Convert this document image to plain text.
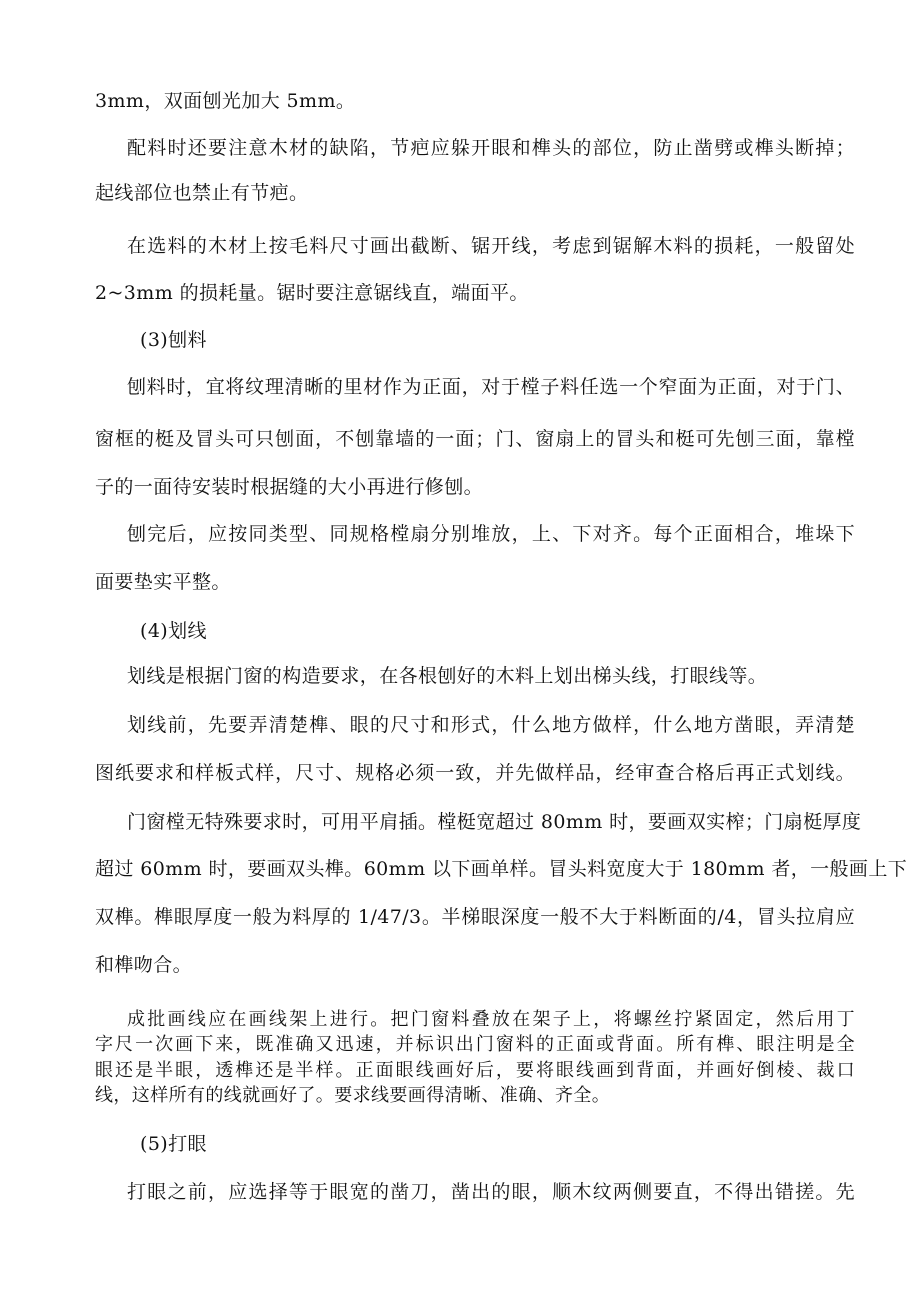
3mm，双面刨光加大 5mm。
配料时还要注意木材的缺陷，节疤应躲开眼和榫头的部位，防止凿劈或榫头断掉；
起线部位也禁止有节疤。
在选料的木材上按毛料尺寸画出截断、锯开线，考虑到锯解木料的损耗，一般留处
2~3mm 的损耗量。锯时要注意锯线直，端面平。
(3)刨料
刨料时，宜将纹理清晰的里材作为正面，对于樘子料任选一个窄面为正面，对于门、
窗框的梃及冒头可只刨面，不刨靠墙的一面；门、窗扇上的冒头和梃可先刨三面，靠樘
子的一面待安装时根据缝的大小再进行修刨。
刨完后，应按同类型、同规格樘扇分别堆放，上、下对齐。每个正面相合，堆垛下
面要垫实平整。
(4)划线
划线是根据门窗的构造要求，在各根刨好的木料上划出梯头线，打眼线等。
划线前，先要弄清楚榫、眼的尺寸和形式，什么地方做样，什么地方凿眼，弄清楚
图纸要求和样板式样，尺寸、规格必须一致，并先做样品，经审查合格后再正式划线。
门窗樘无特殊要求时，可用平肩插。樘梃宽超过 80mm 时，要画双实榨；门扇梃厚度
超过 60mm 时，要画双头榫。60mm 以下画单样。冒头料宽度大于 180mm 者，一般画上下
双榫。榫眼厚度一般为料厚的 1/47/3。半梯眼深度一般不大于料断面的/4，冒头拉肩应
和榫吻合。
成批画线应在画线架上进行。把门窗料叠放在架子上，将螺丝拧紧固定，然后用丁
字尺一次画下来，既准确又迅速，并标识出门窗料的正面或背面。所有榫、眼注明是全
眼还是半眼，透榫还是半样。正面眼线画好后，要将眼线画到背面，并画好倒棱、裁口
线，这样所有的线就画好了。要求线要画得清晰、准确、齐全。
(5)打眼
打眼之前，应选择等于眼宽的凿刀，凿出的眼，顺木纹两侧要直，不得出错搓。先
